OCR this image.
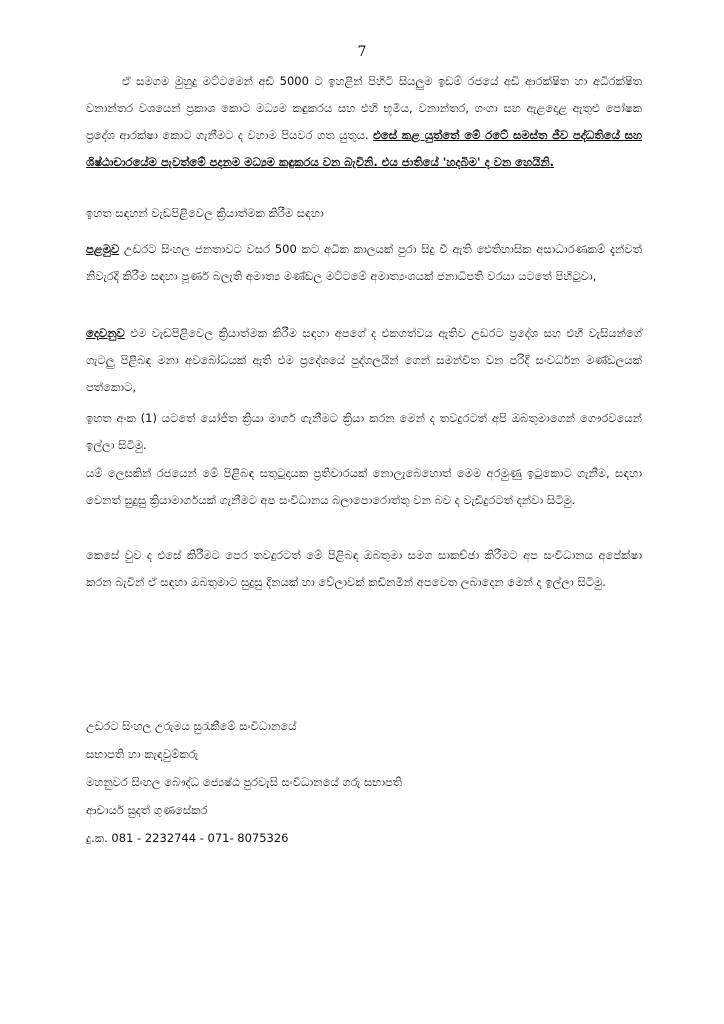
7

ඒ සමගම මුහුදු මට්ටමෙන් අඩි 5000 ට ඉහළින් පිහිටි සියලුම ඉඩම් රජයේ අඩි ආරක්ෂිත හා අධිරක්ෂිත වනාන්තර වශයෙන් ප්‍රකාශ කොට මධ්‍යම කඳුකරය සහ එහි භූමිය, වනාන්තර, ගංගා සහ ඇළදොළ ඇතුළු පෝෂක ප්‍රදේශ ආරක්ෂා කොට ගැනීමට ද වහාම පියවර ගත යුතුය. එසේ කළ යුත්තේ මේ රටේ සමස්ත ජීව පද්ධතියේ සහ ශිෂ්ඨාචාරයේම පැවත්මේ පදනම මධ්‍යම කඳුකරය වන බැවිනි. එය ජාතියේ 'හදබිම' ද වන හෙයිනි.

ඉහත සඳහන් වැඩපිළිවෙල ක්‍රියාත්මක කිරීම සඳහා

පළමුව උඩරට සිංහල ජනතාවට වසර 500 කට අධික කාලයක් පුරා සිදු වී ඇති ඓතිහාසික අසාධාරණකම් දැන්වත් නිවැරදි කිරීම සඳහා පූර්ණ බලැති අමාත්‍ය මණ්ඩල මට්ටමේ අමාත්‍යංශයක් ජනාධිපති වරයා යටතේ පිහිටුවා,

දෙවනුව එම වැඩපිළිවෙල ක්‍රියාත්මක කිරීම සඳහා අපගේ ද එකගත්වය ඇතිව උඩරට ප්‍රදේශ සහ එහි වැසියන්ගේ ගැටලු පිළිබඳ මනා අවබෝධයක් ඇති එම ප්‍රදේශයේ පුද්ගලයින් ගෙන් සමන්විත වන පරිදි සංවර්ධන මණ්ඩලයක් පත්කොට,

ඉහත අංක (1) යටතේ යෝජිත ක්‍රියා මාර්ග ගැනීමට ක්‍රියා කරන මෙන් ද තවදුරටත් අපි ඔබතුමාගෙන් ගෞරවයෙන් ඉල්ලා සිටිමු.

යම් ලෙසකින් රජයෙන් මේ පිළිබඳ සතුටුදායක ප්‍රතිචාරයක් නොලැබෙහොත් මෙම අරමුණු ඉටුකොට ගැනීම, සඳහා වෙනත් සුදුසු ක්‍රියාමාර්ගයක් ගැනීමට අප සංවිධානය බලාපොරොත්තු වන බව ද වැඩිදුරටත් දන්වා සිටිමු.

කෙසේ වුව ද එසේ කිරීමට පෙර තවදුරටත් මේ පිළිබඳ ඔබතුමා සමග සාකච්ඡා කිරීමට අප සංවිධානය අපේක්ෂා කරන බැවින් ඒ සඳහා ඔබතුමාට සුදුසු දිනයක් හා වේලාවක් කඩිනමින් අපවෙත ලබාදෙන මෙන් ද ඉල්ලා සිටිමු.

උඩරට සිංහල උරුමය සුරැකීමේ සංවිධානයේ
සභාපති හා කැඳවුම්කරු
මහනුවර සිංහල බෞද්ධ ජ්‍යෙෂ්ඨ පුරවැසි සංවිධානයේ ගරු සභාපති
ආචාර්ය සුදත් ගුණසේකර
දු.ක. 081 - 2232744 - 071- 8075326
